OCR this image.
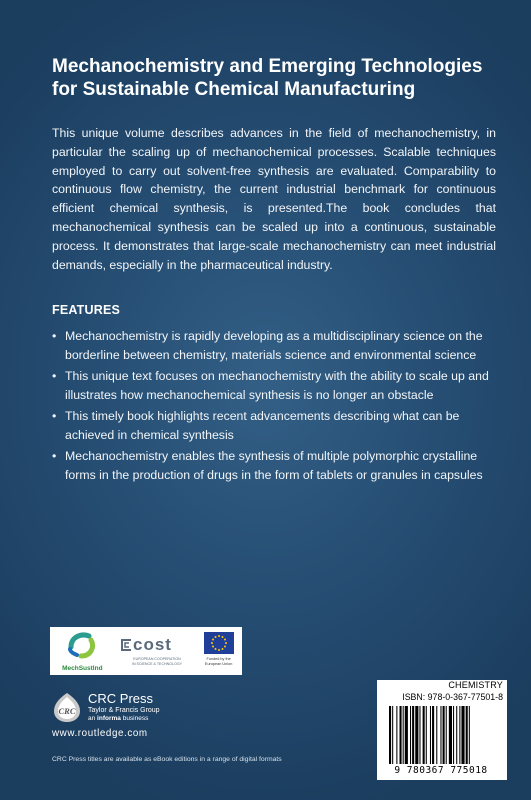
Mechanochemistry and Emerging Technologies
for Sustainable Chemical Manufacturing

This unique volume describes advances in the field of mechanochemistry, in particular the scaling up of mechanochemical processes. Scalable techniques employed to carry out solvent-free synthesis are evaluated. Comparability to continuous flow chemistry, the current industrial benchmark for continuous efficient chemical synthesis, is presented.The book concludes that mechanochemical synthesis can be scaled up into a continuous, sustainable process. It demonstrates that large-scale mechanochemistry can meet industrial demands, especially in the pharmaceutical industry.

FEATURES
• Mechanochemistry is rapidly developing as a multidisciplinary science on the borderline between chemistry, materials science and environmental science
• This unique text focuses on mechanochemistry with the ability to scale up and illustrates how mechanochemical synthesis is no longer an obstacle
• This timely book highlights recent advancements describing what can be achieved in chemical synthesis
• Mechanochemistry enables the synthesis of multiple polymorphic crystalline forms in the production of drugs in the form of tablets or granules in capsules
MechSustInd
cost
EUROPEAN COOPERATION
IN SCIENCE & TECHNOLOGY
Funded by the
European Union
CRC
CRC Press
Taylor & Francis Group
an informa business
www.routledge.com
CRC Press titles are available as eBook editions in a range of digital formats
CHEMISTRY
ISBN: 978-0-367-77501-8
9 780367 775018
